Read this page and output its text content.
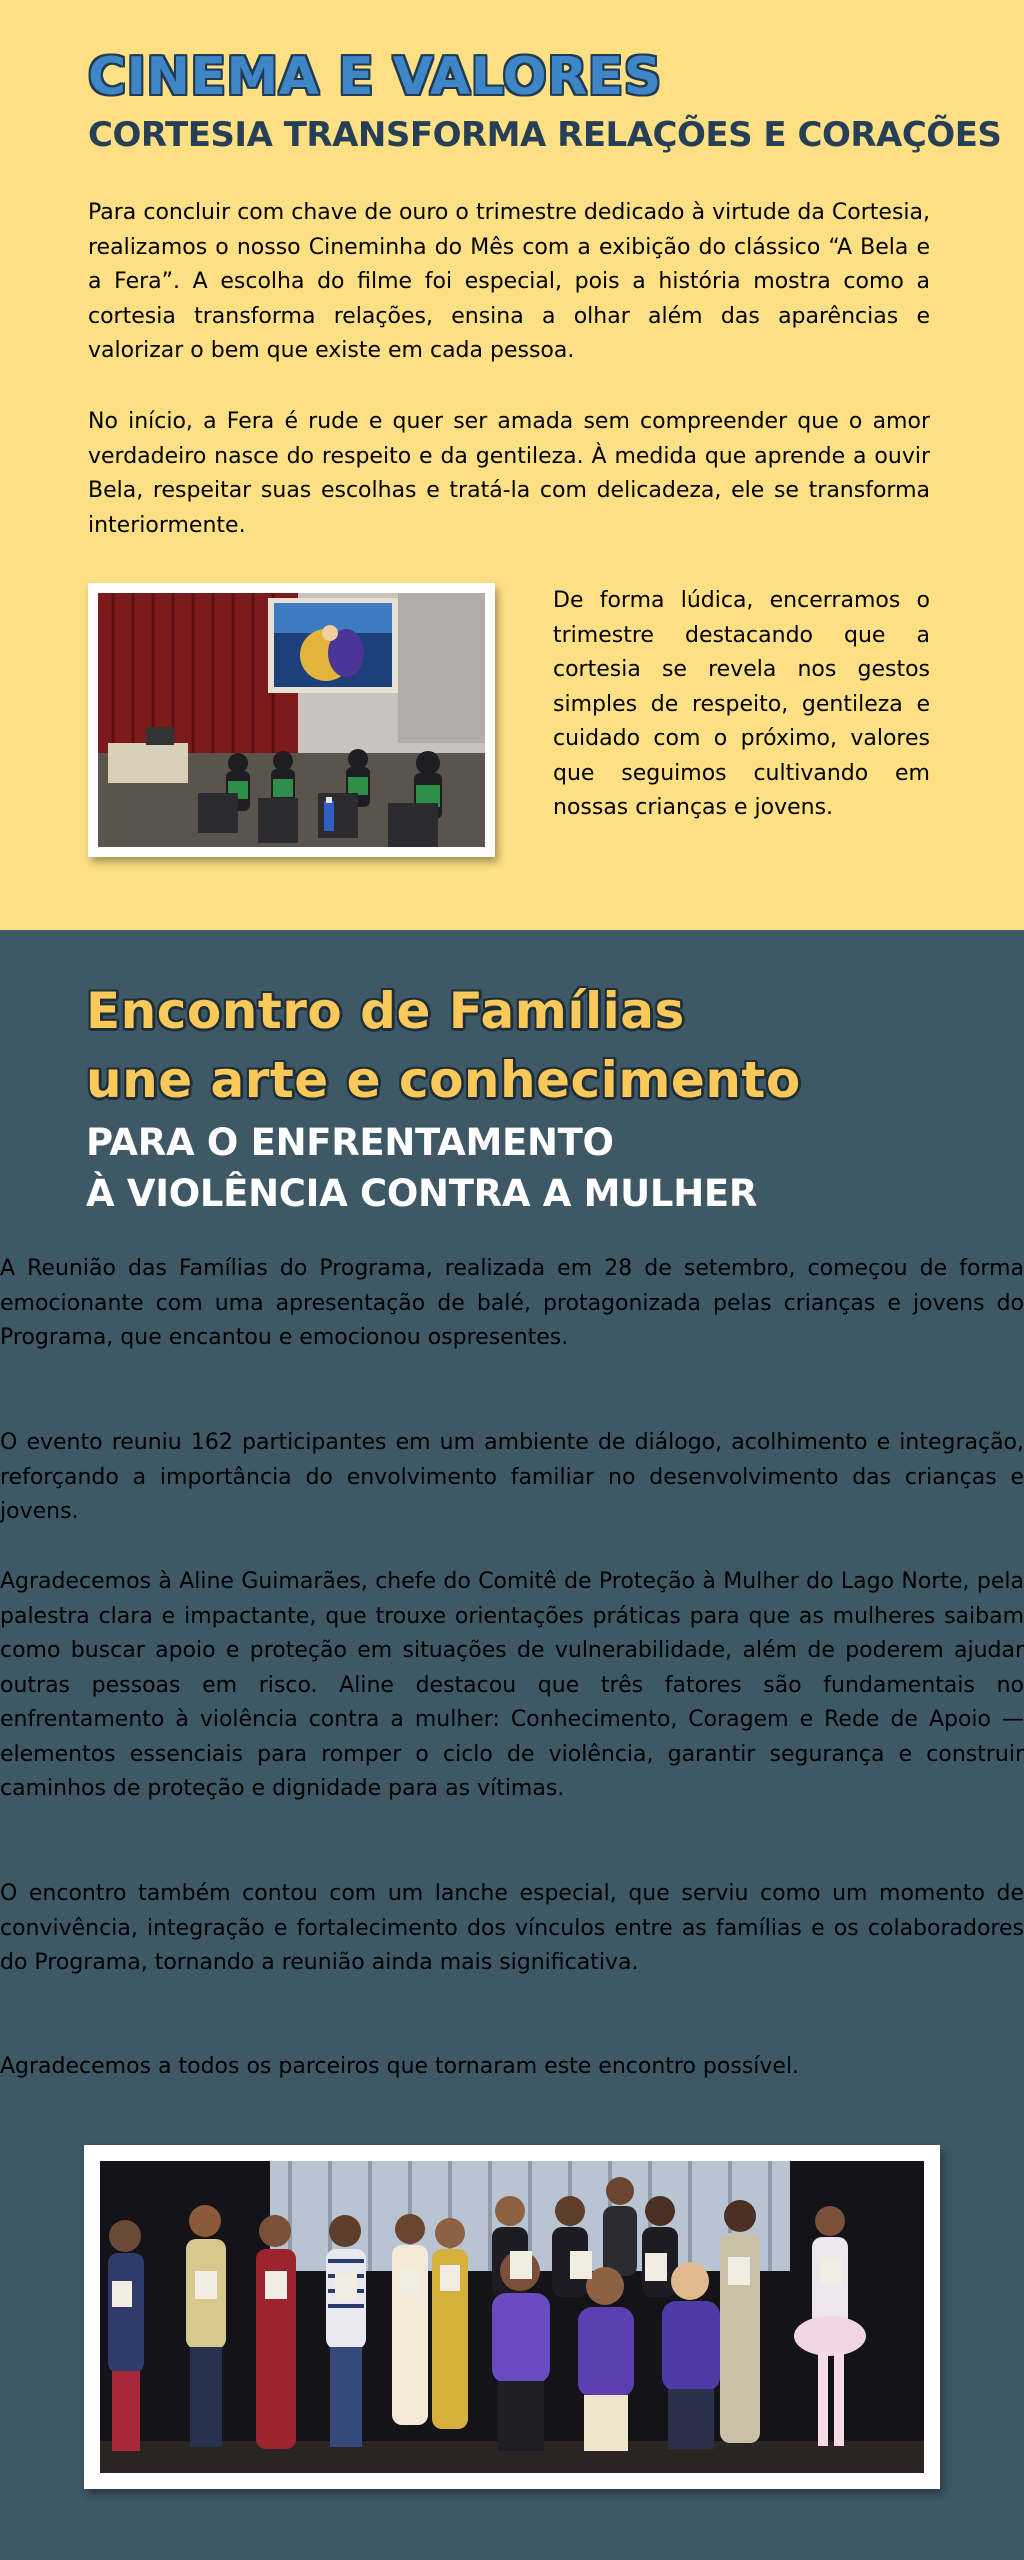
CINEMA E VALORES
CORTESIA TRANSFORMA RELAÇÕES E CORAÇÕES

Para concluir com chave de ouro o trimestre dedicado à virtude da Cortesia, realizamos o nosso Cineminha do Mês com a exibição do clássico “A Bela e a Fera”. A escolha do filme foi especial, pois a história mostra como a cortesia transforma relações, ensina a olhar além das aparências e valorizar o bem que existe em cada pessoa.

No início, a Fera é rude e quer ser amada sem compreender que o amor verdadeiro nasce do respeito e da gentileza. À medida que aprende a ouvir Bela, respeitar suas escolhas e tratá-la com delicadeza, ele se transforma interiormente.

De forma lúdica, encerramos o trimestre destacando que a cortesia se revela nos gestos simples de respeito, gentileza e cuidado com o próximo, valores que seguimos cultivando em nossas crianças e jovens.

Encontro de Famílias
une arte e conhecimento
PARA O ENFRENTAMENTO
À VIOLÊNCIA CONTRA A MULHER

A Reunião das Famílias do Programa, realizada em 28 de setembro, começou de forma emocionante com uma apresentação de balé, protagonizada pelas crianças e jovens do Programa, que encantou e emocionou ospresentes.

O evento reuniu 162 participantes em um ambiente de diálogo, acolhimento e integração, reforçando a importância do envolvimento familiar no desenvolvimento das crianças e jovens.

Agradecemos à Aline Guimarães, chefe do Comitê de Proteção à Mulher do Lago Norte, pela palestra clara e impactante, que trouxe orientações práticas para que as mulheres saibam como buscar apoio e proteção em situações de vulnerabilidade, além de poderem ajudar outras pessoas em risco. Aline destacou que três fatores são fundamentais no enfrentamento à violência contra a mulher: Conhecimento, Coragem e Rede de Apoio — elementos essenciais para romper o ciclo de violência, garantir segurança e construir caminhos de proteção e dignidade para as vítimas.

O encontro também contou com um lanche especial, que serviu como um momento de convivência, integração e fortalecimento dos vínculos entre as famílias e os colaboradores do Programa, tornando a reunião ainda mais significativa.

Agradecemos a todos os parceiros que tornaram este encontro possível.
